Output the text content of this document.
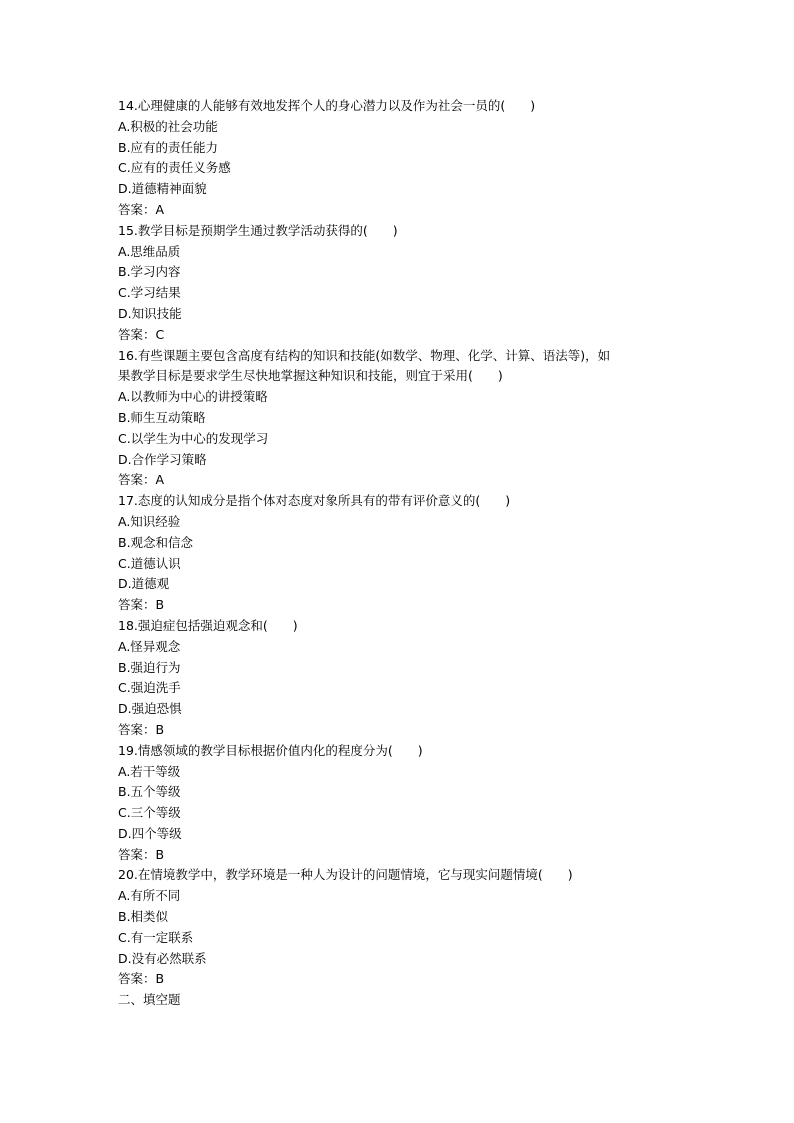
14.心理健康的人能够有效地发挥个人的身心潜力以及作为社会一员的(　　)
A.积极的社会功能
B.应有的责任能力
C.应有的责任义务感
D.道德精神面貌
答案：A
15.教学目标是预期学生通过教学活动获得的(　　)
A.思维品质
B.学习内容
C.学习结果
D.知识技能
答案：C
16.有些课题主要包含高度有结构的知识和技能(如数学、物理、化学、计算、语法等)，如
果教学目标是要求学生尽快地掌握这种知识和技能，则宜于采用(　　)
A.以教师为中心的讲授策略
B.师生互动策略
C.以学生为中心的发现学习
D.合作学习策略
答案：A
17.态度的认知成分是指个体对态度对象所具有的带有评价意义的(　　)
A.知识经验
B.观念和信念
C.道德认识
D.道德观
答案：B
18.强迫症包括强迫观念和(　　)
A.怪异观念
B.强迫行为
C.强迫洗手
D.强迫恐惧
答案：B
19.情感领域的教学目标根据价值内化的程度分为(　　)
A.若干等级
B.五个等级
C.三个等级
D.四个等级
答案：B
20.在情境教学中，教学环境是一种人为设计的问题情境，它与现实问题情境(　　)
A.有所不同
B.相类似
C.有一定联系
D.没有必然联系
答案：B
二、填空题
